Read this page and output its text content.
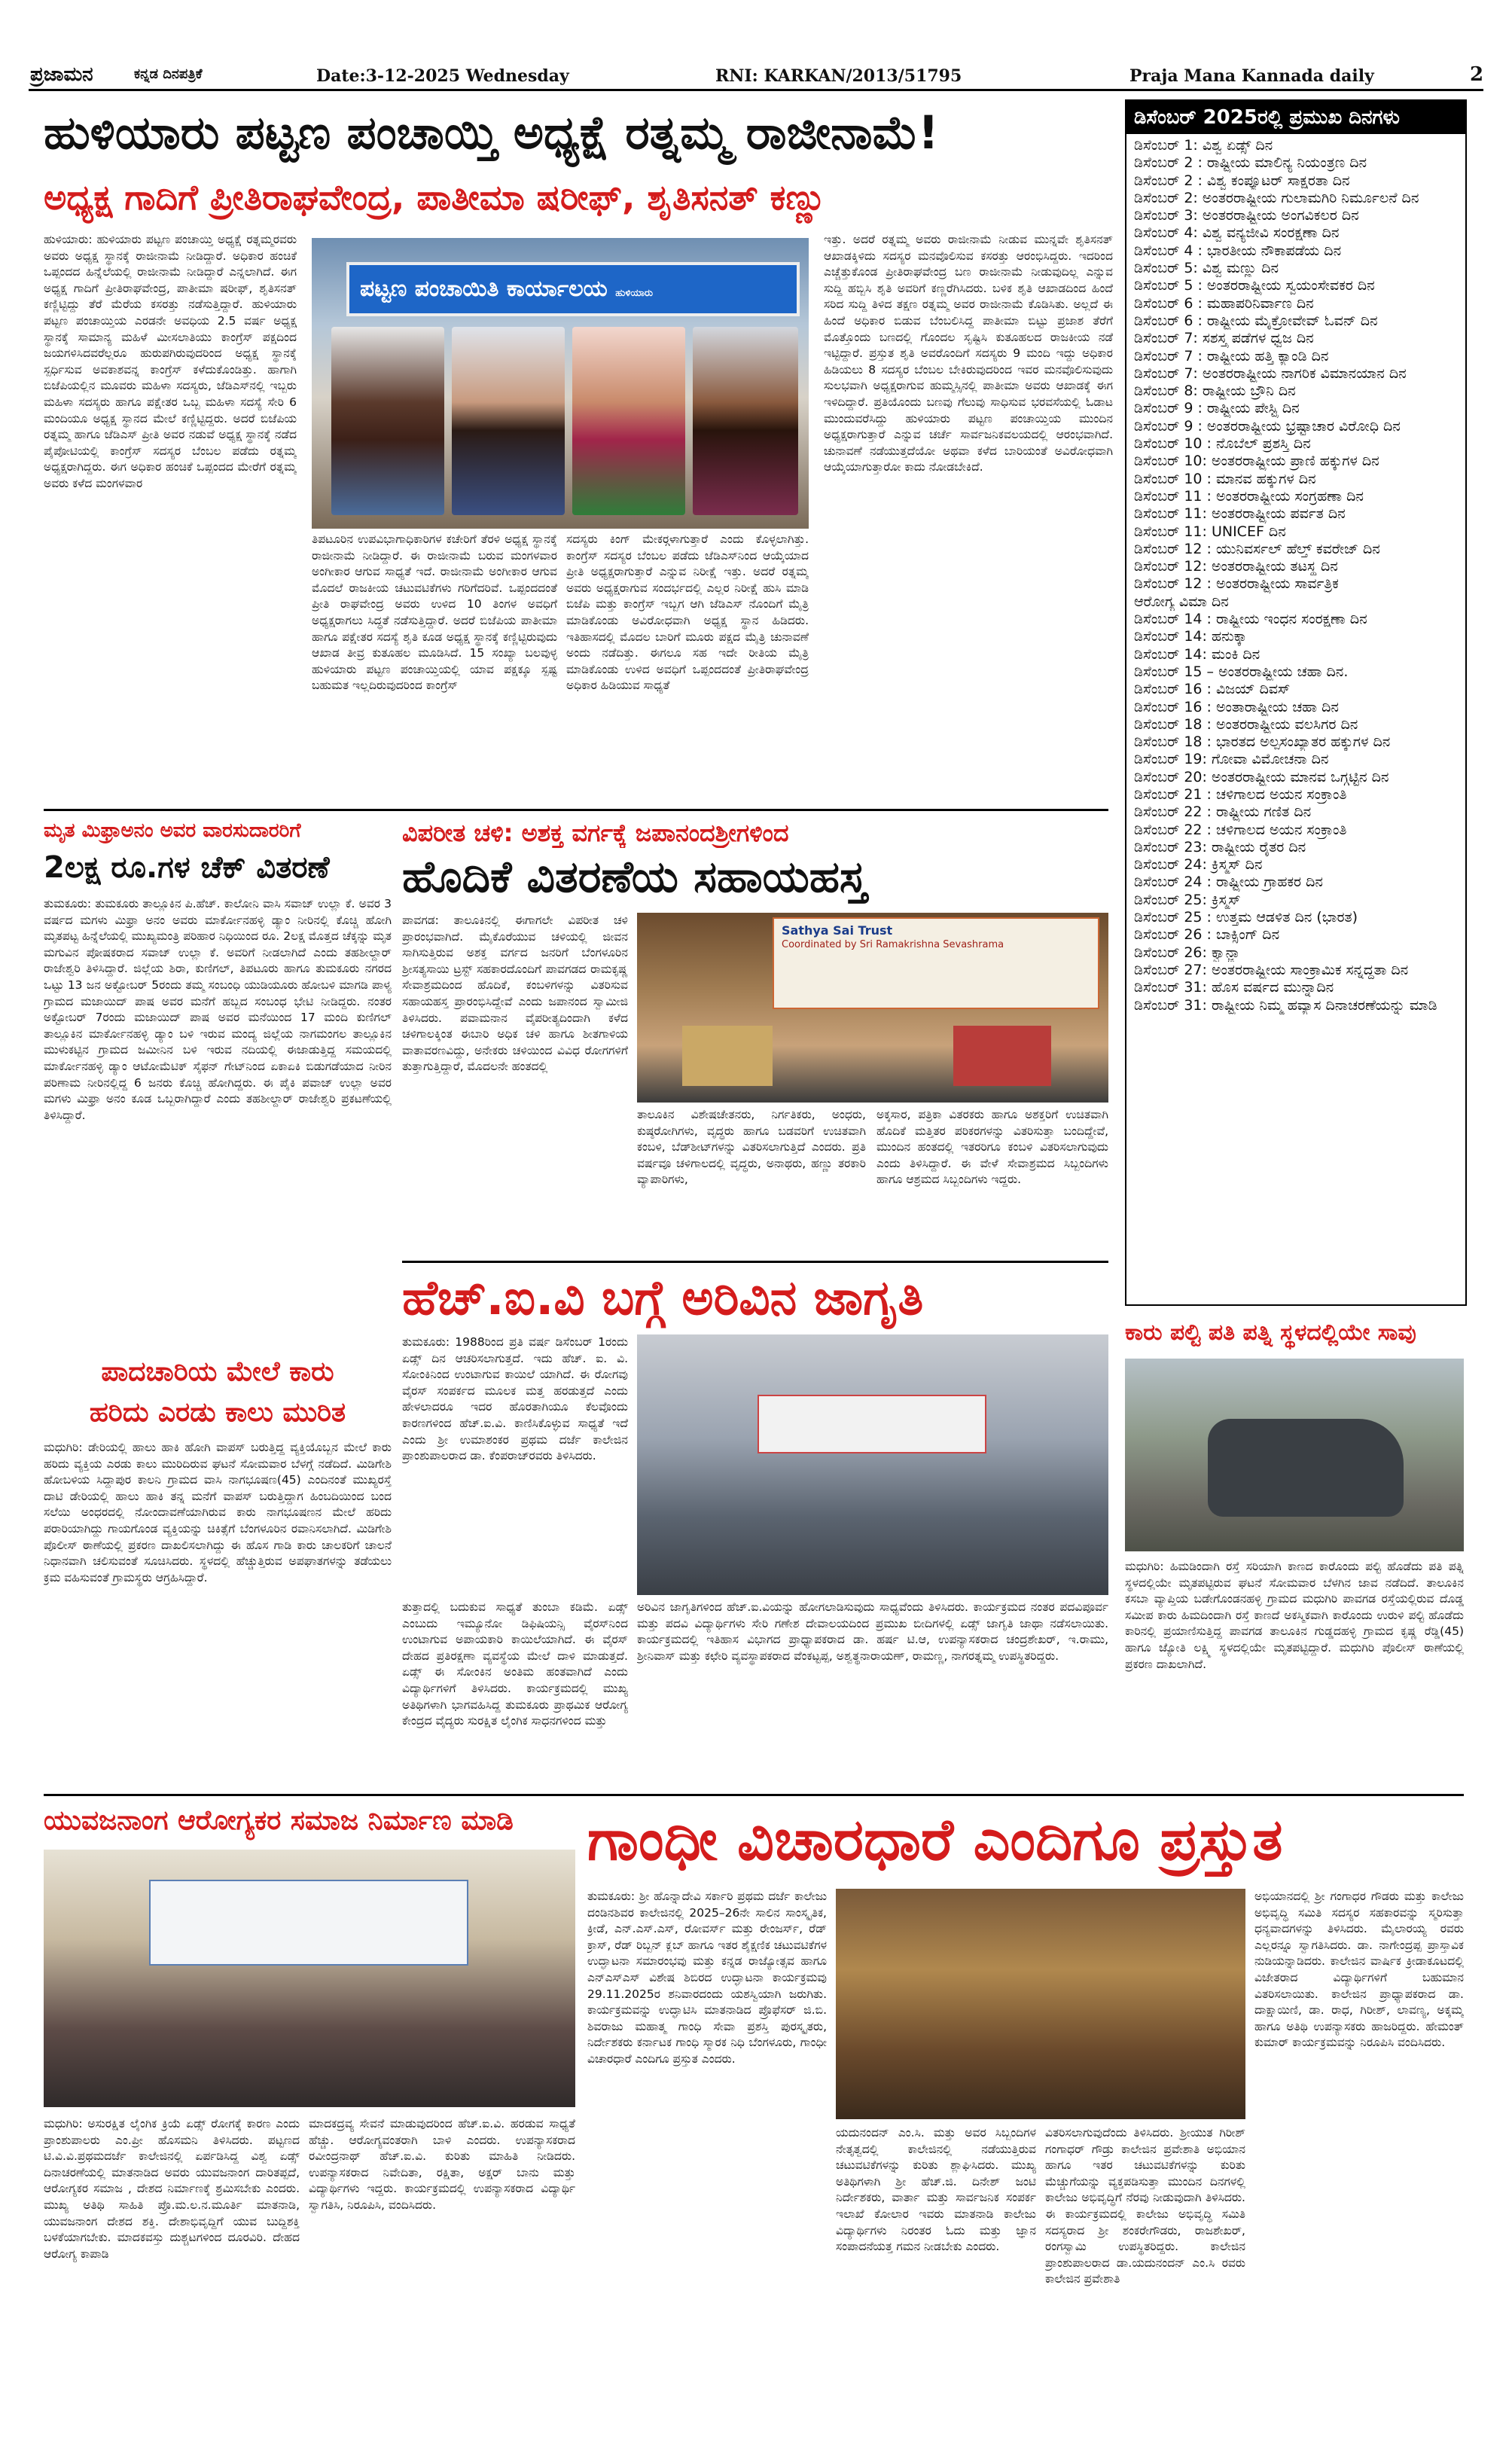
ಪ್ರಜಾಮನ	ಕನ್ನಡ ದಿನಪತ್ರಿಕೆ	Date:3-12-2025 Wednesday	RNI: KARKAN/2013/51795	Praja Mana Kannada daily	2
ಹುಳಿಯಾರು ಪಟ್ಟಣ ಪಂಚಾಯ್ತಿ ಅಧ್ಯಕ್ಷೆ ರತ್ನಮ್ಮ ರಾಜೀನಾಮೆ!
ಅಧ್ಯಕ್ಷ ಗಾದಿಗೆ ಪ್ರೀತಿರಾಘವೇಂದ್ರ, ಪಾತೀಮಾ ಷರೀಫ್, ಶೃತಿಸನತ್ ಕಣ್ಣು
ಹುಳಿಯಾರು: ಹುಳಿಯಾರು ಪಟ್ಟಣ ಪಂಚಾಯ್ತಿ ಅಧ್ಯಕ್ಷೆ ರತ್ನಮ್ಮರವರು ಅವರು ಅಧ್ಯಕ್ಷ ಸ್ಥಾನಕ್ಕೆ ರಾಜೀನಾಮೆ ನೀಡಿದ್ದಾರೆ. ಅಧಿಕಾರ ಹಂಚಿಕೆ ಒಪ್ಪಂದದ ಹಿನ್ನೆಲೆಯಲ್ಲಿ ರಾಜೀನಾಮೆ ನೀಡಿದ್ದಾರೆ ಎನ್ನಲಾಗಿದೆ. ಈಗ ಅಧ್ಯಕ್ಷ ಗಾದಿಗೆ ಪ್ರೀತಿರಾಘವೇಂದ್ರ, ಪಾತೀಮಾ ಷರೀಫ್, ಶೃತಿಸನತ್ ಕಣ್ಣಿಟ್ಟಿದ್ದು ತೆರೆ ಮೆರೆಯ ಕಸರತ್ತು ನಡೆಸುತ್ತಿದ್ದಾರೆ. ಹುಳಿಯಾರು ಪಟ್ಟಣ ಪಂಚಾಯ್ತಿಯ ಎರಡನೇ ಅವಧಿಯ 2.5 ವರ್ಷ ಅಧ್ಯಕ್ಷ ಸ್ಥಾನಕ್ಕೆ ಸಾಮಾನ್ಯ ಮಹಿಳೆ ಮೀಸಲಾತಿಯು ಕಾಂಗ್ರೆಸ್ ಪಕ್ಷದಿಂದ ಜಯಗಳಿಸಿದವರೆಲ್ಲರೂ ಹುರುಪಗಿರುವುದರಿಂದ ಅಧ್ಯಕ್ಷ ಸ್ಥಾನಕ್ಕೆ ಸ್ಪರ್ಧಿಸುವ ಅವಕಾಶವನ್ನ ಕಾಂಗ್ರೆಸ್ ಕಳೆದುಕೊಂಡಿತ್ತು. ಹಾಗಾಗಿ ಬಿಜೆಪಿಯಲ್ಲಿನ ಮೂವರು ಮಹಿಳಾ ಸದಸ್ಯರು, ಜೆಡಿಎಸ್‍ನಲ್ಲಿ ಇಬ್ಬರು ಮಹಿಳಾ ಸದಸ್ಯರು ಹಾಗೂ ಪಕ್ಷೇತರ ಒಬ್ಬ ಮಹಿಳಾ ಸದಸ್ಯೆ ಸೇರಿ 6 ಮಂದಿಯೂ ಅಧ್ಯಕ್ಷ ಸ್ಥಾನದ ಮೇಲೆ ಕಣ್ಣಿಟ್ಟಿದ್ದರು. ಅದರೆ ಬಿಜೆಪಿಯ ರತ್ನಮ್ಮ ಹಾಗೂ ಜೆಡಿಎಸ್ ಪ್ರೀತಿ ಅವರ ನಡುವೆ ಅಧ್ಯಕ್ಷ ಸ್ಥಾನಕ್ಕೆ ನಡೆದ ಪೈಪೋಟಿಯಲ್ಲಿ ಕಾಂಗ್ರೆಸ್ ಸದಸ್ಯರ ಬೆಂಬಲ ಪಡೆದು ರತ್ನಮ್ಮ ಅಧ್ಯಕ್ಷರಾಗಿದ್ದರು. ಈಗ ಅಧಿಕಾರ ಹಂಚಿಕೆ ಒಪ್ಪಂದದ ಮೇರೆಗೆ ರತ್ನಮ್ಮ ಅವರು ಕಳೆದ ಮಂಗಳವಾರ
ಪಟ್ಟಣ ಪಂಚಾಯಿತಿ ಕಾರ್ಯಾಲಯ ಹುಳಿಯಾರು
ತಿಪಟೂರಿನ ಉಪವಿಭಾಗಾಧಿಕಾರಿಗಳ ಕಚೇರಿಗೆ ತೆರಳಿ ಅಧ್ಯಕ್ಷ ಸ್ಥಾನಕ್ಕೆ ರಾಜೀನಾಮೆ ನೀಡಿದ್ದಾರೆ. ಈ ರಾಜೀನಾಮೆ ಬರುವ ಮಂಗಳವಾರ ಅಂಗೀಕಾರ ಆಗುವ ಸಾಧ್ಯತೆ ಇದೆ. ರಾಜೀನಾಮೆ ಅಂಗೀಕಾರ ಆಗುವ ಮೊದಲೆ ರಾಜಕೀಯ ಚಟುವಟಿಕೆಗಳು ಗರಿಗೆದರಿವೆ. ಒಪ್ಪಂದದಂತೆ ಪ್ರೀತಿ ರಾಘವೇಂದ್ರ ಅವರು ಉಳಿದ 10 ತಿಂಗಳ ಅವಧಿಗೆ ಅಧ್ಯಕ್ಷರಾಗಲು ಸಿದ್ಧತೆ ನಡೆಸುತ್ತಿದ್ದಾರೆ. ಅದರೆ ಬಿಜೆಪಿಯ ಪಾತೀಮಾ ಹಾಗೂ ಪಕ್ಷೇತರ ಸದಸ್ಯೆ ಶೃತಿ ಕೂಡ ಅಧ್ಯಕ್ಷ ಸ್ಥಾನಕ್ಕೆ ಕಣ್ಣಿಟ್ಟಿರುವುದು ಆಖಾಡ ತೀವ್ರ ಕುತೂಹಲ ಮೂಡಿಸಿದೆ. 15 ಸಂಖ್ಯಾ ಬಲವುಳ್ಳ ಹುಳಿಯಾರು ಪಟ್ಟಣ ಪಂಚಾಯ್ತಿಯಲ್ಲಿ ಯಾವ ಪಕ್ಷಕ್ಕೂ ಸ್ಪಷ್ಟ ಬಹುಮತ ಇಲ್ಲದಿರುವುದರಿಂದ ಕಾಂಗ್ರೆಸ್
ಸದಸ್ಯರು ಕಿಂಗ್ ಮೇಕರ್‍ಗಳಾಗುತ್ತಾರೆ ಎಂದು ಕೊಳ್ಳಲಾಗಿತ್ತು. ಕಾಂಗ್ರೆಸ್ ಸದಸ್ಯರ ಬೆಂಬಲ ಪಡೆದು ಜೆಡಿಎಸ್‍ನಿಂದ ಆಯ್ಕೆಯಾದ ಪ್ರೀತಿ ಅಧ್ಯಕ್ಷರಾಗುತ್ತಾರೆ ಎನ್ನುವ ನಿರೀಕ್ಷೆ ಇತ್ತು. ಅದರೆ ರತ್ನಮ್ಮ ಅವರು ಅಧ್ಯಕ್ಷರಾಗುವ ಸಂದರ್ಭದಲ್ಲಿ ಎಲ್ಲರ ನಿರೀಕ್ಷೆ ಹುಸಿ ಮಾಡಿ ಬಿಜೆಪಿ ಮತ್ತು ಕಾಂಗ್ರೆಸ್ ಇಬ್ಬಗ ಆಗಿ ಜೆಡಿಎಸ್ ನೊಂದಿಗೆ ಮೈತ್ರಿ ಮಾಡಿಕೊಂಡು ಅವಿರೋಧವಾಗಿ ಅಧ್ಯಕ್ಷ ಸ್ಥಾನ ಹಿಡಿದರು. ಇತಿಹಾಸದಲ್ಲಿ ಮೊದಲ ಬಾರಿಗೆ ಮೂರು ಪಕ್ಷದ ಮೈತ್ರಿ ಚುನಾವಣೆ ಅಂದು ನಡೆದಿತ್ತು. ಈಗಲೂ ಸಹ ಇದೇ ರೀತಿಯ ಮೈತ್ರಿ ಮಾಡಿಕೊಂಡು ಉಳಿದ ಅವಧಿಗೆ ಒಪ್ಪಂದದಂತೆ ಪ್ರೀತಿರಾಘವೇಂದ್ರ ಅಧಿಕಾರ ಹಿಡಿಯುವ ಸಾಧ್ಯತೆ
ಇತ್ತು. ಅದರೆ ರತ್ನಮ್ಮ ಅವರು ರಾಜೀನಾಮೆ ನೀಡುವ ಮುನ್ನವೇ ಶೃತಿಸನತ್ ಆಖಾಡಕ್ಕಿಳಿದು ಸದಸ್ಯರ ಮನವೊಲಿಸುವ ಕಸರತ್ತು ಆರಂಭಿಸಿದ್ದರು. ಇದರಿಂದ ಎಚ್ಚೆತ್ತುಕೊಂಡ ಪ್ರೀತಿರಾಘವೇಂದ್ರ ಬಣ ರಾಜೀನಾಮೆ ನೀಡುವುದಿಲ್ಲ ಎನ್ನುವ ಸುದ್ದಿ ಹಬ್ಬಿಸಿ ಶೃತಿ ಅವರಿಗೆ ಕಣ್ಣರೆಗಿಸಿದರು. ಬಳಿಕ ಶೃತಿ ಆಖಾಡದಿಂದ ಹಿಂದೆ ಸರಿದ ಸುದ್ದಿ ತಿಳಿದ ತಕ್ಷಣ ರತ್ನಮ್ಮ ಅವರ ರಾಜೀನಾಮೆ ಕೊಡಿಸಿತು. ಅಲ್ಲದೆ ಈ ಹಿಂದೆ ಅಧಿಕಾರ ಬಿಡುವ ಬೆಂಬಲಿಸಿದ್ದ ಪಾತೀಮಾ ಬಿಟ್ಟು ಪ್ರಜಾಶ ತೆರೆಗೆ ಮೊತ್ತೊಂದು ಬಣದಲ್ಲಿ ಗೊಂದಲ ಸೃಷ್ಟಿಸಿ ಕುತೂಹಲದ ರಾಜಕೀಯ ನಡೆ ಇಟ್ಟಿದ್ದಾರೆ. ಪ್ರಸ್ತುತ ಶೃತಿ ಅವರೊಂದಿಗೆ ಸದಸ್ಯರು 9 ಮಂದಿ ಇದ್ದು ಅಧಿಕಾರ ಹಿಡಿಯಲು 8 ಸದಸ್ಯರ ಬೆಂಬಲ ಬೇಕಿರುವುದರಿಂದ ಇವರ ಮನವೊಲಿಸುವುದು ಸುಲಭವಾಗಿ ಅಧ್ಯಕ್ಷರಾಗುವ ಹುಮ್ಮಸ್ಸಿನಲ್ಲಿ ಪಾತೀಮಾ ಅವರು ಆಖಾಡಕ್ಕೆ ಈಗ ಇಳಿದಿದ್ದಾರೆ. ಪ್ರತಿಯೊಂದು ಬಣವು ಗೆಲುವು ಸಾಧಿಸುವ ಭರವಸೆಯಲ್ಲಿ ಓಡಾಟ ಮುಂದುವರೆಸಿದ್ದು ಹುಳಿಯಾರು ಪಟ್ಟಣ ಪಂಚಾಯ್ತಿಯ ಮುಂದಿನ ಅಧ್ಯಕ್ಷರಾಗುತ್ತಾರೆ ಎನ್ನುವ ಚರ್ಚೆ ಸಾರ್ವಜನಿಕವಲಯದಲ್ಲಿ ಆರಂಭವಾಗಿದೆ. ಚುನಾವಣೆ ನಡೆಯುತ್ತದೆಯೋ ಅಥವಾ ಕಳೆದ ಬಾರಿಯಂತೆ ಅವಿರೋಧವಾಗಿ ಆಯ್ಕೆಯಾಗುತ್ತಾರೋ ಕಾದು ನೋಡಬೇಕಿದೆ.
ಡಿಸೆಂಬರ್ 2025ರಲ್ಲಿ ಪ್ರಮುಖ ದಿನಗಳು
ಡಿಸೆಂಬರ್ 1: ವಿಶ್ವ ಏಡ್ಸ್ ದಿನ
ಡಿಸೆಂಬರ್ 2 : ರಾಷ್ಟ್ರೀಯ ಮಾಲಿನ್ಯ ನಿಯಂತ್ರಣ ದಿನ
ಡಿಸೆಂಬರ್ 2 : ವಿಶ್ವ ಕಂಪ್ಯೂಟರ್ ಸಾಕ್ಷರತಾ ದಿನ
ಡಿಸೆಂಬರ್ 2: ಅಂತರರಾಷ್ಟ್ರೀಯ ಗುಲಾಮಗಿರಿ ನಿರ್ಮೂಲನೆ ದಿನ
ಡಿಸೆಂಬರ್ 3: ಅಂತರರಾಷ್ಟ್ರೀಯ ಅಂಗವಿಕಲರ ದಿನ
ಡಿಸೆಂಬರ್ 4: ವಿಶ್ವ ವನ್ಯಜೀವಿ ಸಂರಕ್ಷಣಾ ದಿನ
ಡಿಸೆಂಬರ್ 4 : ಭಾರತೀಯ ನೌಕಾಪಡೆಯ ದಿನ
ಡಿಸೆಂಬರ್ 5: ವಿಶ್ವ ಮಣ್ಣು ದಿನ
ಡಿಸೆಂಬರ್ 5 : ಅಂತರರಾಷ್ಟ್ರೀಯ ಸ್ವಯಂಸೇವಕರ ದಿನ
ಡಿಸೆಂಬರ್ 6 : ಮಹಾಪರಿನಿರ್ವಾಣ ದಿನ
ಡಿಸೆಂಬರ್ 6 : ರಾಷ್ಟ್ರೀಯ ಮೈಕ್ರೋವೇವ್ ಓವನ್ ದಿನ
ಡಿಸೆಂಬರ್ 7: ಸಶಸ್ತ್ರ ಪಡೆಗಳ ಧ್ವಜ ದಿನ
ಡಿಸೆಂಬರ್ 7 : ರಾಷ್ಟ್ರೀಯ ಹತ್ತಿ ಕ್ಯಾಂಡಿ ದಿನ
ಡಿಸೆಂಬರ್ 7: ಅಂತರರಾಷ್ಟ್ರೀಯ ನಾಗರಿಕ ವಿಮಾನಯಾನ ದಿನ
ಡಿಸೆಂಬರ್ 8: ರಾಷ್ಟ್ರೀಯ ಬ್ರೌನಿ ದಿನ
ಡಿಸೆಂಬರ್ 9 : ರಾಷ್ಟ್ರೀಯ ಪೇಸ್ಟ್ರಿ ದಿನ
ಡಿಸೆಂಬರ್ 9 : ಅಂತರರಾಷ್ಟ್ರೀಯ ಭ್ರಷ್ಟಾಚಾರ ವಿರೋಧಿ ದಿನ
ಡಿಸೆಂಬರ್ 10 : ನೊಬೆಲ್ ಪ್ರಶಸ್ತಿ ದಿನ
ಡಿಸೆಂಬರ್ 10: ಅಂತರರಾಷ್ಟ್ರೀಯ ಪ್ರಾಣಿ ಹಕ್ಕುಗಳ ದಿನ
ಡಿಸೆಂಬರ್ 10 : ಮಾನವ ಹಕ್ಕುಗಳ ದಿನ
ಡಿಸೆಂಬರ್ 11 : ಅಂತರರಾಷ್ಟ್ರೀಯ ಸಂಗ್ರಹಣಾ ದಿನ
ಡಿಸೆಂಬರ್ 11: ಅಂತರರಾಷ್ಟ್ರೀಯ ಪರ್ವತ ದಿನ
ಡಿಸೆಂಬರ್ 11: UNICEF ದಿನ
ಡಿಸೆಂಬರ್ 12 : ಯುನಿವರ್ಸಲ್ ಹೆಲ್ತ್ ಕವರೇಜ್ ದಿನ
ಡಿಸೆಂಬರ್ 12: ಅಂತರರಾಷ್ಟ್ರೀಯ ತಟಸ್ಥ ದಿನ
ಡಿಸೆಂಬರ್ 12 : ಅಂತರರಾಷ್ಟ್ರೀಯ ಸಾರ್ವತ್ರಿಕ
ಆರೋಗ್ಯ ವಿಮಾ ದಿನ
ಡಿಸೆಂಬರ್ 14 : ರಾಷ್ಟ್ರೀಯ ಇಂಧನ ಸಂರಕ್ಷಣಾ ದಿನ
ಡಿಸೆಂಬರ್ 14: ಹನುಕ್ಕಾ
ಡಿಸೆಂಬರ್ 14: ಮಂಕಿ ದಿನ
ಡಿಸೆಂಬರ್ 15 – ಅಂತರರಾಷ್ಟ್ರೀಯ ಚಹಾ ದಿನ.
ಡಿಸೆಂಬರ್ 16 : ವಿಜಯ್ ದಿವಸ್
ಡಿಸೆಂಬರ್ 16 : ಅಂತಾರಾಷ್ಟ್ರೀಯ ಚಹಾ ದಿನ
ಡಿಸೆಂಬರ್ 18 : ಅಂತರರಾಷ್ಟ್ರೀಯ ವಲಸಿಗರ ದಿನ
ಡಿಸೆಂಬರ್ 18 : ಭಾರತದ ಅಲ್ಪಸಂಖ್ಯಾತರ ಹಕ್ಕುಗಳ ದಿನ
ಡಿಸೆಂಬರ್ 19: ಗೋವಾ ವಿಮೋಚನಾ ದಿನ
ಡಿಸೆಂಬರ್ 20: ಅಂತರರಾಷ್ಟ್ರೀಯ ಮಾನವ ಒಗ್ಗಟ್ಟಿನ ದಿನ
ಡಿಸೆಂಬರ್ 21 : ಚಳಿಗಾಲದ ಅಯನ ಸಂಕ್ರಾಂತಿ
ಡಿಸೆಂಬರ್ 22 : ರಾಷ್ಟ್ರೀಯ ಗಣಿತ ದಿನ
ಡಿಸೆಂಬರ್ 22 : ಚಳಿಗಾಲದ ಅಯನ ಸಂಕ್ರಾಂತಿ
ಡಿಸೆಂಬರ್ 23: ರಾಷ್ಟ್ರೀಯ ರೈತರ ದಿನ
ಡಿಸೆಂಬರ್ 24: ಕ್ರಿಸ್ಮಸ್ ದಿನ
ಡಿಸೆಂಬರ್ 24 : ರಾಷ್ಟ್ರೀಯ ಗ್ರಾಹಕರ ದಿನ
ಡಿಸೆಂಬರ್ 25: ಕ್ರಿಸ್ಮಸ್
ಡಿಸೆಂಬರ್ 25 : ಉತ್ತಮ ಆಡಳಿತ ದಿನ (ಭಾರತ)
ಡಿಸೆಂಬರ್ 26 : ಬಾಕ್ಸಿಂಗ್ ದಿನ
ಡಿಸೆಂಬರ್ 26: ಕ್ವಾನ್ಜಾ
ಡಿಸೆಂಬರ್ 27: ಅಂತರರಾಷ್ಟ್ರೀಯ ಸಾಂಕ್ರಾಮಿಕ ಸನ್ನದ್ಧತಾ ದಿನ
ಡಿಸೆಂಬರ್ 31: ಹೊಸ ವರ್ಷದ ಮುನ್ನಾದಿನ
ಡಿಸೆಂಬರ್ 31: ರಾಷ್ಟ್ರೀಯ ನಿಮ್ಮ ಹವ್ಯಾಸ ದಿನಾಚರಣೆಯನ್ನು ಮಾಡಿ
ಮೃತ ಮಿಫ್ರಾಅನಂ ಅವರ ವಾರಸುದಾರರಿಗೆ
2ಲಕ್ಷ ರೂ.ಗಳ ಚೆಕ್ ವಿತರಣೆ
ತುಮಕೂರು: ತುಮಕೂರು ತಾಲ್ಲೂಕಿನ ಪಿ.ಹೆಚ್. ಕಾಲೋನಿ ವಾಸಿ ಸವಾಜ್ ಉಲ್ಲಾ ಕೆ. ಅವರ 3 ವರ್ಷದ ಮಗಳು ಮಿಫ್ರಾ ಅನಂ ಅವರು ಮಾರ್ಕೋನಹಳ್ಳಿ ಡ್ಯಾಂ ನೀರಿನಲ್ಲಿ ಕೊಚ್ಚಿ ಹೋಗಿ ಮೃತಪಟ್ಟ ಹಿನ್ನೆಲೆಯಲ್ಲಿ ಮುಖ್ಯಮಂತ್ರಿ ಪರಿಹಾರ ನಿಧಿಯಿಂದ ರೂ. 2ಲಕ್ಷ ಮೊತ್ತದ ಚೆಕ್ಕನ್ನು ಮೃತ ಮಗುವಿನ ಪೋಷಕರಾದ ಸವಾಜ್ ಉಲ್ಲಾ ಕೆ. ಅವರಿಗೆ ನೀಡಲಾಗಿದೆ ಎಂದು ತಹಶೀಲ್ದಾರ್ ರಾಜೇಶ್ವರಿ ತಿಳಿಸಿದ್ದಾರೆ. ಜಿಲ್ಲೆಯ ಶಿರಾ, ಕುಣಿಗಲ್, ತಿಪಟೂರು ಹಾಗೂ ತುಮಕೂರು ನಗರದ ಒಟ್ಟು 13 ಜನ ಅಕ್ಟೋಬರ್ 5ರಂದು ತಮ್ಮ ಸಂಬಂಧಿ ಯುಡಿಯೂರು ಹೋಬಳಿ ಮಾಗಡಿ ಪಾಳ್ಯ ಗ್ರಾಮದ ಮಜಾಯಿದ್ ಪಾಷ ಅವರ ಮನೆಗೆ ಹಬ್ಬದ ಸಂಬಂಧ ಭೇಟಿ ನೀಡಿದ್ದರು. ನಂತರ ಅಕ್ಟೋಬರ್ 7ರಂದು ಮಜಾಯಿದ್ ಪಾಷ ಅವರ ಮನೆಯಿಂದ 17 ಮಂದಿ ಕುಣಿಗಲ್ ತಾಲ್ಲೂಕಿನ ಮಾರ್ಕೋನಹಳ್ಳಿ ಡ್ಯಾಂ ಬಳಿ ಇರುವ ಮಂದ್ಯ ಜಿಲ್ಲೆಯ ನಾಗಮಂಗಲ ತಾಲ್ಲೂಕಿನ ಮುಳುಕಟ್ಟಿನ ಗ್ರಾಮದ ಜಮೀನಿನ ಬಳಿ ಇರುವ ನದಿಯಲ್ಲಿ ಈಜಾಡುತ್ತಿದ್ದ ಸಮಯದಲ್ಲಿ ಮಾರ್ಕೋನಹಳ್ಳಿ ಡ್ಯಾಂ ಆಟೋಮೆಟಿಕ್ ಸೈಫನ್ ಗೇಟ್‍ನಿಂದ ಏಕಾಏಕಿ ಬಿಡುಗಡೆಯಾದ ನೀರಿನ ಪರಿಣಾಮ ನೀರಿನಲ್ಲಿದ್ದ 6 ಜನರು ಕೊಚ್ಚಿ ಹೋಗಿದ್ದರು. ಈ ಪೈಕಿ ಪವಾಜ್ ಉಲ್ಲಾ ಅವರ ಮಗಳು ಮಿಫ್ರಾ ಅನಂ ಕೂಡ ಒಬ್ಬರಾಗಿದ್ದಾರೆ ಎಂದು ತಹಶೀಲ್ದಾರ್ ರಾಜೇಶ್ವರಿ ಪ್ರಕಟಣೆಯಲ್ಲಿ ತಿಳಿಸಿದ್ದಾರೆ.
ಪಾದಚಾರಿಯ ಮೇಲೆ ಕಾರು
ಹರಿದು ಎರಡು ಕಾಲು ಮುರಿತ
ಮಧುಗಿರಿ: ಡೇರಿಯಲ್ಲಿ ಹಾಲು ಹಾಕಿ ಹೋಗಿ ವಾಪಸ್ ಬರುತ್ತಿದ್ದ ವ್ಯಕ್ತಿಯೊಬ್ಬನ ಮೇಲೆ ಕಾರು ಹರಿದು ವ್ಯಕ್ತಿಯ ಎರಡು ಕಾಲು ಮುರಿದಿರುವ ಘಟನೆ ಸೋಮವಾರ ಬೆಳಗ್ಗೆ ನಡೆದಿದೆ. ಮಿಡಿಗೇಶಿ ಹೋಬಳಿಯ ಸಿದ್ದಾಪುರ ಕಾಲನಿ ಗ್ರಾಮದ ವಾಸಿ ನಾಗಭೂಷಣ(45) ಎಂದಿನಂತೆ ಮುಖ್ಯರಸ್ತೆ ದಾಟಿ ಡೇರಿಯಲ್ಲಿ ಹಾಲು ಹಾಕಿ ತನ್ನ ಮನೆಗೆ ವಾಪಸ್ ಬರುತ್ತಿದ್ದಾಗ ಹಿಂಬದಿಯಿಂದ ಬಂದ ಸಲೆಯಿ ಅಂಧರದಲ್ಲಿ ನೋಂದಾವಣೆಯಾಗಿರುವ ಕಾರು ನಾಗಭೂಷಣನ ಮೇಲೆ ಹರಿದು ಪರಾರಿಯಾಗಿದ್ದು ಗಾಯಗೊಂಡ ವ್ಯಕ್ತಿಯನ್ನು ಚಿಕಿತ್ಸೆಗೆ ಬೆಂಗಳೂರಿನ ರವಾನಿಸಲಾಗಿದೆ. ಮಿಡಿಗೇಶಿ ಪೊಲೀಸ್ ಠಾಣೆಯಲ್ಲಿ ಪ್ರಕರಣ ದಾಖಲಿಸಲಾಗಿದ್ದು ಈ ಹೊಸ ಗಾಡಿ ಕಾರು ಚಾಲಕರಿಗೆ ಚಾಲನೆ ನಿಧಾನವಾಗಿ ಚಲಿಸುವಂತೆ ಸೂಚಿಸಿದರು. ಸ್ಥಳದಲ್ಲಿ ಹೆಚ್ಚುತ್ತಿರುವ ಅಪಘಾತಗಳನ್ನು ತಡೆಯಲು ಕ್ರಮ ವಹಿಸುವಂತೆ ಗ್ರಾಮಸ್ಥರು ಆಗ್ರಹಿಸಿದ್ದಾರೆ.
ವಿಪರೀತ ಚಳಿ: ಅಶಕ್ತ ವರ್ಗಕ್ಕೆ ಜಪಾನಂದಶ್ರೀಗಳಿಂದ
ಹೊದಿಕೆ ವಿತರಣೆಯ ಸಹಾಯಹಸ್ತ
ಪಾವಗಡ: ತಾಲೂಕಿನಲ್ಲಿ ಈಗಾಗಲೇ ವಿಪರೀತ ಚಳಿ ಪ್ರಾರಂಭವಾಗಿದೆ. ಮೈಕೊರೆಯುವ ಚಳಿಯಲ್ಲಿ ಜೀವನ ಸಾಗಿಸುತ್ತಿರುವ ಅಶಕ್ತ ವರ್ಗದ ಜನರಿಗೆ ಬೆಂಗಳೂರಿನ ಶ್ರೀಸತ್ಯಸಾಯಿ ಟ್ರಸ್ಟ್ ಸಹಕಾರದೊಂದಿಗೆ ಪಾವಗಡದ ರಾಮಕೃಷ್ಣ ಸೇವಾಶ್ರಮದಿಂದ ಹೊದಿಕೆ, ಕಂಬಳಿಗಳನ್ನು ವಿತರಿಸುವ ಸಹಾಯಹಸ್ತ ಪ್ರಾರಂಭಿಸಿದ್ದೇವೆ ಎಂದು ಜಪಾನಂದ ಸ್ವಾಮೀಜಿ ತಿಳಿಸಿದರು. ಪವಾಮನಾನ ವೈಪರೀತ್ಯದಿಂದಾಗಿ ಕಳೆದ ಚಳಿಗಾಲಕ್ಕಿಂತ ಈಬಾರಿ ಅಧಿಕ ಚಳಿ ಹಾಗೂ ಶೀತಗಾಳಿಯ ವಾತಾವರಣವಿದ್ದು, ಅನೇಕರು ಚಳಿಯಿಂದ ವಿವಿಧ ರೋಗಗಳಿಗೆ ತುತ್ತಾಗುತ್ತಿದ್ದಾರೆ, ಮೊದಲನೇ ಹಂತದಲ್ಲಿ
Sathya Sai Trust
Coordinated by Sri Ramakrishna Sevashrama
ತಾಲೂಕಿನ ವಿಶೇಷಚೇತನರು, ನಿರ್ಗತಿಕರು, ಅಂಧರು, ಕುಷ್ಠರೋಗಿಗಳು, ವೃದ್ಧರು ಹಾಗೂ ಬಡವರಿಗೆ ಉಚಿತವಾಗಿ ಕಂಬಳಿ, ಬೆಡ್‍ಶೀಟ್‍ಗಳನ್ನು ವಿತರಿಸಲಾಗುತ್ತಿದೆ ಎಂದರು. ಪ್ರತಿ ವರ್ಷವೂ ಚಳಿಗಾಲದಲ್ಲಿ ವೃದ್ಧರು, ಅನಾಥರು, ಹಣ್ಣು ತರಕಾರಿ ವ್ಯಾಪಾರಿಗಳು,
ಅಕ್ಕಸಾರ, ಪತ್ರಿಕಾ ವಿತರಕರು ಹಾಗೂ ಅಶಕ್ತರಿಗೆ ಉಚಿತವಾಗಿ ಹೊದಿಕೆ ಮತ್ತಿತರ ಪರಿಕರಗಳನ್ನು ವಿತರಿಸುತ್ತಾ ಬಂದಿದ್ದೇವೆ, ಮುಂದಿನ ಹಂತದಲ್ಲಿ ಇತರರಿಗೂ ಕಂಬಳಿ ವಿತರಿಸಲಾಗುವುದು ಎಂದು ತಿಳಿಸಿದ್ದಾರೆ. ಈ ವೇಳೆ ಸೇವಾಶ್ರಮದ ಸಿಬ್ಬಂದಿಗಳು ಹಾಗೂ ಆಶ್ರಮದ ಸಿಬ್ಬಂದಿಗಳು ಇದ್ದರು.
ಹೆಚ್.ಐ.ವಿ ಬಗ್ಗೆ ಅರಿವಿನ ಜಾಗೃತಿ
ತುಮಕೂರು: 1988ರಿಂದ ಪ್ರತಿ ವರ್ಷ ಡಿಸೆಂಬರ್ 1ರಂದು ಏಡ್ಸ್ ದಿನ ಆಚರಿಸಲಾಗುತ್ತದೆ. ಇದು ಹೆಚ್. ಐ. ವಿ. ಸೋಂಕಿನಿಂದ ಉಂಟಾಗುವ ಕಾಯಿಲೆ ಯಾಗಿದೆ. ಈ ರೋಗವು ವೈರಸ್ ಸಂಪರ್ಕದ ಮೂಲಕ ಮತ್ತ ಹರಡುತ್ತದೆ ಎಂದು ಹೇಳಲಾದರೂ ಇದರ ಹೊರತಾಗಿಯೂ ಕೆಲವೊಂದು ಕಾರಣಗಳಿಂದ ಹೆಚ್.ಐ.ವಿ. ಕಾಣಿಸಿಕೊಳ್ಳುವ ಸಾಧ್ಯತೆ ಇದೆ ಎಂದು ಶ್ರೀ ಉಮಾಶಂಕರ ಪ್ರಥಮ ದರ್ಜೆ ಕಾಲೇಜಿನ ಪ್ರಾಂಶುಪಾಲರಾದ ಡಾ. ಕೆಂಪರಾಜ್‍ರವರು ತಿಳಿಸಿದರು.
ತುತ್ತಾದಲ್ಲಿ ಬದುಕುವ ಸಾಧ್ಯತೆ ತುಂಬಾ ಕಡಿಮೆ. ಏಡ್ಸ್ ಎಂಬುದು ಇಮ್ಯೂನೋ ಡಿಫಿಷಿಯನ್ಸಿ ವೈರಸ್‍ನಿಂದ ಉಂಟಾಗುವ ಅಪಾಯಕಾರಿ ಕಾಯಿಲೆಯಾಗಿದೆ. ಈ ವೈರಸ್ ದೇಹದ ಪ್ರತಿರಕ್ಷಣಾ ವ್ಯವಸ್ಥೆಯ ಮೇಲೆ ದಾಳಿ ಮಾಡುತ್ತದೆ. ಏಡ್ಸ್ ಈ ಸೋಂಕಿನ ಅಂತಿಮ ಹಂತವಾಗಿದೆ ಎಂದು ವಿದ್ಯಾರ್ಥಿಗಳಿಗೆ ತಿಳಿಸಿದರು. ಕಾರ್ಯಕ್ರಮದಲ್ಲಿ ಮುಖ್ಯ ಅತಿಥಿಗಳಾಗಿ ಭಾಗವಹಿಸಿದ್ದ ತುಮಕೂರು ಪ್ರಾಥಮಿಕ ಆರೋಗ್ಯ ಕೇಂದ್ರದ ವೈದ್ಯರು ಸುರಕ್ಷಿತ ಲೈಂಗಿಕ ಸಾಧನಗಳಿಂದ ಮತ್ತು
ಅರಿವಿನ ಜಾಗೃತಿಗಳಿಂದ ಹೆಚ್.ಐ.ವಿಯನ್ನು ಹೋಗಲಾಡಿಸುವುದು ಸಾಧ್ಯವೆಂದು ತಿಳಿಸಿದರು. ಕಾರ್ಯಕ್ರಮದ ನಂತರ ಪದವಿಪೂರ್ವ ಮತ್ತು ಪದವಿ ವಿದ್ಯಾರ್ಥಿಗಳು ಸೇರಿ ಗಣೇಶ ದೇವಾಲಯದಿಂದ ಪ್ರಮುಖ ಬೀದಿಗಳಲ್ಲಿ ಏಡ್ಸ್ ಜಾಗೃತಿ ಜಾಥಾ ನಡೆಸಲಾಯಿತು. ಕಾರ್ಯಕ್ರಮದಲ್ಲಿ ಇತಿಹಾಸ ವಿಭಾಗದ ಪ್ರಾಧ್ಯಾಪಕರಾದ ಡಾ. ಹರ್ಷ ಟಿ.ಆ, ಉಪನ್ಯಾಸಕರಾದ ಚಂದ್ರಶೇಖರ್, ಇ.ರಾಮು, ಶ್ರೀನಿವಾಸ್ ಮತ್ತು ಕಛೇರಿ ವ್ಯವಸ್ಥಾಪಕರಾದ ವೆಂಕಟ್ಟಪ್ಪ, ಅಶ್ವತ್ಥನಾರಾಯಣ್, ರಾಮಣ್ಣ, ನಾಗರತ್ನಮ್ಮ ಉಪಸ್ಥಿತರಿದ್ದರು.
ಕಾರು ಪಲ್ಟಿ ಪತಿ ಪತ್ನಿ ಸ್ಥಳದಲ್ಲಿಯೇ ಸಾವು
ಮಧುಗಿರಿ: ಹಿಮಡಿಂದಾಗಿ ರಸ್ತೆ ಸರಿಯಾಗಿ ಕಾಣದ ಕಾರೊಂದು ಪಲ್ಟಿ ಹೊಡೆದು ಪತಿ ಪತ್ನಿ ಸ್ಥಳದಲ್ಲಿಯೇ ಮೃತಪಟ್ಟಿರುವ ಘಟನೆ ಸೋಮವಾರ ಬೆಳಗಿನ ಜಾವ ನಡೆದಿದೆ. ತಾಲೂಕಿನ ಕಸಬಾ ವ್ಯಾಪ್ತಿಯ ಬಡೇಗೊಂಡನಹಳ್ಳಿ ಗ್ರಾಮದ ಮಧುಗಿರಿ ಪಾವಗಡ ರಸ್ತೆಯಲ್ಲಿರುವ ದೊಡ್ಡ ಸಮೀಪ ಕಾರು ಹಿಮದಿಂದಾಗಿ ರಸ್ತೆ ಕಾಣದೆ ಅಕಸ್ಮಿಕವಾಗಿ ಕಾರೊಂದು ಉರುಳಿ ಪಲ್ಟಿ ಹೊಡೆದು ಕಾರಿನಲ್ಲಿ ಪ್ರಯಾಣಿಸುತ್ತಿದ್ದ ಪಾವಗಡ ತಾಲೂಕಿನ ಗುಡ್ಡದಹಳ್ಳಿ ಗ್ರಾಮದ ಕೃಷ್ಣ ರೆಡ್ಡಿ(45) ಹಾಗೂ ಜ್ಯೋತಿ ಲಕ್ಷ್ಮಿ ಸ್ಥಳದಲ್ಲಿಯೇ ಮೃತಪಟ್ಟಿದ್ದಾರೆ. ಮಧುಗಿರಿ ಪೊಲೀಸ್ ಠಾಣೆಯಲ್ಲಿ ಪ್ರಕರಣ ದಾಖಲಾಗಿದೆ.
ಯುವಜನಾಂಗ ಆರೋಗ್ಯಕರ ಸಮಾಜ ನಿರ್ಮಾಣ ಮಾಡಿ
ಮಧುಗಿರಿ: ಅಸುರಕ್ಷಿತ ಲೈಂಗಿಕ ಕ್ರಿಯೆ ಏಡ್ಸ್ ರೋಗಕ್ಕೆ ಕಾರಣ ಎಂದು ಪ್ರಾಂಶುಪಾಲರು ಎಂ.ಪ್ರೀ ಹೊಸಮನಿ ತಿಳಿಸಿದರು. ಪಟ್ಟಣದ ಟಿ.ವಿ.ವಿ.ಪ್ರಥಮದರ್ಜೆ ಕಾಲೇಜಿನಲ್ಲಿ ಏರ್ಪಡಿಸಿದ್ದ ವಿಶ್ವ ಏಡ್ಸ್ ದಿನಾಚರಣೆಯಲ್ಲಿ ಮಾತನಾಡಿದ ಅವರು ಯುವಜನಾಂಗ ದಾರಿತಪ್ಪದೆ, ಆರೋಗ್ಯಕರ ಸಮಾಜ , ದೇಶದ ನಿರ್ಮಾಣಕ್ಕೆ ಶ್ರಮಿಸಬೇಕು ಎಂದರು. ಮುಖ್ಯ ಅತಿಥಿ ಸಾಹಿತಿ ಪ್ರೊ.ಮ.ಲ.ನ.ಮೂರ್ತಿ ಮಾತನಾಡಿ, ಯುವಜನಾಂಗ ದೇಶದ ಶಕ್ತಿ. ದೇಶಾಭಿವೃದ್ದಿಗೆ ಯುವ ಬುದ್ದಿಶಕ್ತಿ ಬಳಕೆಯಾಗಬೇಕು. ಮಾದಕವಸ್ತು ದುಶ್ಚಟಗಳಿಂದ ದೂರವಿರಿ. ದೇಹದ ಆರೋಗ್ಯ ಕಾಪಾಡಿ
ಮಾದಕದ್ರವ್ಯ ಸೇವನೆ ಮಾಡುವುದರಿಂದ ಹೆಚ್.ಐ.ವಿ. ಹರಡುವ ಸಾಧ್ಯತೆ ಹೆಚ್ಚು. ಆರೋಗ್ಯವಂತರಾಗಿ ಬಾಳಿ ಎಂದರು. ಉಪನ್ಯಾಸಕರಾದ ರವೀಂದ್ರನಾಥ್ ಹೆಚ್.ಐ.ವಿ. ಕುರಿತು ಮಾಹಿತಿ ನೀಡಿದರು. ಉಪನ್ಯಾಸಕರಾದ ನಿವೇದಿತಾ, ರಕ್ಷಿತಾ, ಅಕ್ಷರ್ ಬಾನು ಮತ್ತು ವಿದ್ಯಾರ್ಥಿಗಳು ಇದ್ದರು. ಕಾರ್ಯಕ್ರಮದಲ್ಲಿ ಉಪನ್ಯಾಸಕರಾದ ವಿದ್ಯಾರ್ಥಿ ಸ್ವಾಗತಿಸಿ, ನಿರೂಪಿಸಿ, ವಂದಿಸಿದರು.
ಗಾಂಧೀ ವಿಚಾರಧಾರೆ ಎಂದಿಗೂ ಪ್ರಸ್ತುತ
ತುಮಕೂರು: ಶ್ರೀ ಹೊನ್ನಾದೇವಿ ಸರ್ಕಾರಿ ಪ್ರಥಮ ದರ್ಜೆ ಕಾಲೇಜು ದಂಡಿನಶಿವರ ಕಾಲೇಜಿನಲ್ಲಿ 2025–26ನೇ ಸಾಲಿನ ಸಾಂಸ್ಕೃತಿಕ, ಕ್ರೀಡೆ, ಎನ್.ಎಸ್.ಎಸ್, ರೋವರ್ಸ್ ಮತ್ತು ರೇಂಜರ್ಸ್, ರೆಡ್ ಕ್ರಾಸ್, ರೆಡ್ ರಿಬ್ಬನ್ ಕ್ಲಬ್ ಹಾಗೂ ಇತರ ಶೈಕ್ಷಣಿಕ ಚಟುವಟಿಕೆಗಳ ಉದ್ಘಾಟನಾ ಸಮಾರಂಭವು ಮತ್ತು ಕನ್ನಡ ರಾಜ್ಯೋತ್ಸವ ಹಾಗೂ ಎನ್‍ಎಸ್‍ಎಸ್ ವಿಶೇಷ ಶಿಬಿರದ ಉದ್ಘಾಟನಾ ಕಾರ್ಯಕ್ರಮವು 29.11.2025ರ ಶನಿವಾರದಂದು ಯಶಸ್ವಿಯಾಗಿ ಜರುಗಿತು. ಕಾರ್ಯಕ್ರಮವನ್ನು ಉದ್ಘಾಟಿಸಿ ಮಾತನಾಡಿದ ಪ್ರೊಫೆಸರ್ ಜಿ.ಬಿ. ಶಿವರಾಜು ಮಹಾತ್ಮ ಗಾಂಧಿ ಸೇವಾ ಪ್ರಶಸ್ತಿ ಪುರಸ್ಕೃತರು, ನಿರ್ದೇಶಕರು ಕರ್ನಾಟಕ ಗಾಂಧಿ ಸ್ಮಾರಕ ನಿಧಿ ಬೆಂಗಳೂರು, ಗಾಂಧೀ ವಿಚಾರಧಾರೆ ಎಂದಿಗೂ ಪ್ರಸ್ತುತ ಎಂದರು.
ಯದುನಂದನ್ ಎಂ.ಸಿ. ಮತ್ತು ಅವರ ಸಿಬ್ಬಂದಿಗಳ ನೇತೃತ್ವದಲ್ಲಿ ಕಾಲೇಜಿನಲ್ಲಿ ನಡೆಯುತ್ತಿರುವ ಚಟುವಟಿಕೆಗಳನ್ನು ಕುರಿತು ಶ್ಲಾಘಿಸಿದರು. ಮುಖ್ಯ ಅತಿಥಿಗಳಾಗಿ ಶ್ರೀ ಹೆಚ್.ಜಿ. ದಿನೇಶ್ ಜಂಟಿ ನಿರ್ದೇಶಕರು, ವಾರ್ತಾ ಮತ್ತು ಸಾರ್ವಜನಿಕ ಸಂಪರ್ಕ ಇಲಾಖೆ ಕೋಲಾರ ಇವರು ಮಾತನಾಡಿ ಕಾಲೇಜು ವಿದ್ಯಾರ್ಥಿಗಳು ನಿರಂತರ ಓದು ಮತ್ತು ಜ್ಞಾನ ಸಂಪಾದನೆಯತ್ತ ಗಮನ ನೀಡಬೇಕು ಎಂದರು.
ವಿತರಿಸಲಾಗುವುದೆಂದು ತಿಳಿಸಿದರು. ಶ್ರೀಯುತ ಗಿರೀಶ್ ಗಂಗಾಧರ್ ಗೌಡ್ರು ಕಾಲೇಜಿನ ಪ್ರವೇಶಾತಿ ಅಭಿಯಾನ ಹಾಗೂ ಇತರ ಚಟುವಟಿಕೆಗಳನ್ನು ಕುರಿತು ಮೆಚ್ಚುಗೆಯನ್ನು ವ್ಯಕ್ತಪಡಿಸುತ್ತಾ ಮುಂದಿನ ದಿನಗಳಲ್ಲಿ ಕಾಲೇಜು ಅಭಿವೃದ್ಧಿಗೆ ನೆರವು ನೀಡುವುದಾಗಿ ತಿಳಿಸಿದರು. ಈ ಕಾರ್ಯಕ್ರಮದಲ್ಲಿ ಕಾಲೇಜು ಅಭಿವೃದ್ಧಿ ಸಮಿತಿ ಸದಸ್ಯರಾದ ಶ್ರೀ ಶಂಕರೇಗೌಡರು, ರಾಜಶೇಖರ್, ರಂಗಸ್ವಾಮಿ ಉಪಸ್ಥಿತರಿದ್ದರು. ಕಾಲೇಜಿನ ಪ್ರಾಂಶುಪಾಲರಾದ ಡಾ.ಯದುನಂದನ್ ಎಂ.ಸಿ ರವರು ಕಾಲೇಜಿನ ಪ್ರವೇಶಾತಿ
ಅಭಿಯಾನದಲ್ಲಿ ಶ್ರೀ ಗಂಗಾಧರ ಗೌಡರು ಮತ್ತು ಕಾಲೇಜು ಅಭಿವೃದ್ಧಿ ಸಮಿತಿ ಸದಸ್ಯರ ಸಹಕಾರವನ್ನು ಸ್ಮರಿಸುತ್ತಾ ಧನ್ಯವಾದಗಳನ್ನು ತಿಳಿಸಿದರು. ಮೈಲಾರಯ್ಯ ರವರು ಎಲ್ಲರನ್ನೂ ಸ್ವಾಗತಿಸಿದರು. ಡಾ. ನಾಗೇಂದ್ರಪ್ಪ ಪ್ರಾಸ್ತಾವಿಕ ನುಡಿಯನ್ನಾಡಿದರು. ಕಾಲೇಜಿನ ವಾರ್ಷಿಕ ಕ್ರೀಡಾಕೂಟದಲ್ಲಿ ವಿಜೇತರಾದ ವಿದ್ಯಾರ್ಥಿಗಳಿಗೆ ಬಹುಮಾನ ವಿತರಿಸಲಾಯಿತು. ಕಾಲೇಜಿನ ಪ್ರಾಧ್ಯಾಪಕರಾದ ಡಾ. ದಾಕ್ಷಾಯಿಣಿ, ಡಾ. ರಾಧ, ಗಿರೀಶ್, ಲಾವಣ್ಯ, ಅಕ್ಕಮ್ಮ ಹಾಗೂ ಅತಿಥಿ ಉಪನ್ಯಾಸಕರು ಹಾಜರಿದ್ದರು. ಹೇಮಂತ್ ಕುಮಾರ್ ಕಾರ್ಯಕ್ರಮವನ್ನು ನಿರೂಪಿಸಿ ವಂದಿಸಿದರು.
